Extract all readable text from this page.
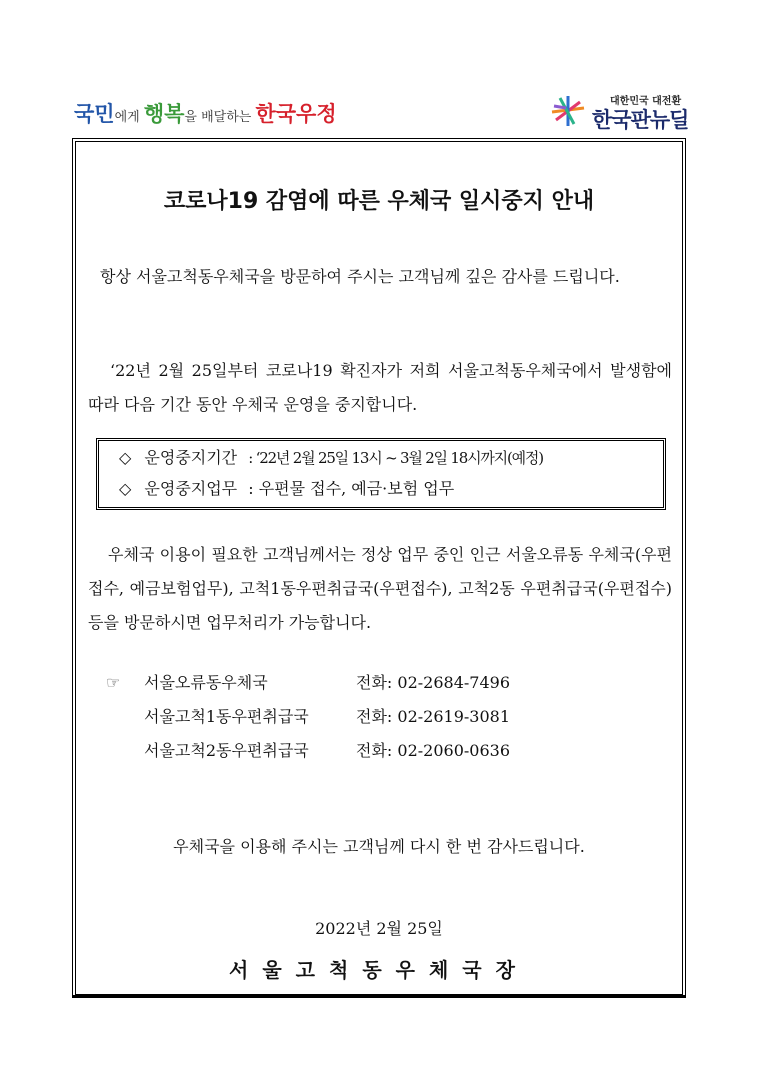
국민에게 행복을 배달하는 한국우정
대한민국 대전환
한국판뉴딜
코로나19 감염에 따른 우체국 일시중지 안내
항상 서울고척동우체국을 방문하여 주시는 고객님께 깊은 감사를 드립니다.
‘22년 2월 25일부터 코로나19 확진자가 저희 서울고척동우체국에서 발생함에 따라 다음 기간 동안 우체국 운영을 중지합니다.
◇ 운영중지기간 : ‘22년 2월 25일 13시 ~ 3월 2일 18시까지(예정)
◇ 운영중지업무 : 우편물 접수, 예금·보험 업무
우체국 이용이 필요한 고객님께서는 정상 업무 중인 인근 서울오류동 우체국(우편접수, 예금보험업무), 고척1동우편취급국(우편접수), 고척2동 우편취급국(우편접수) 등을 방문하시면 업무처리가 가능합니다.
☞	서울오류동우체국	전화: 02-2684-7496
서울고척1동우편취급국	전화: 02-2619-3081
서울고척2동우편취급국	전화: 02-2060-0636
우체국을 이용해 주시는 고객님께 다시 한 번 감사드립니다.
2022년 2월 25일
서울고척동우체국장
